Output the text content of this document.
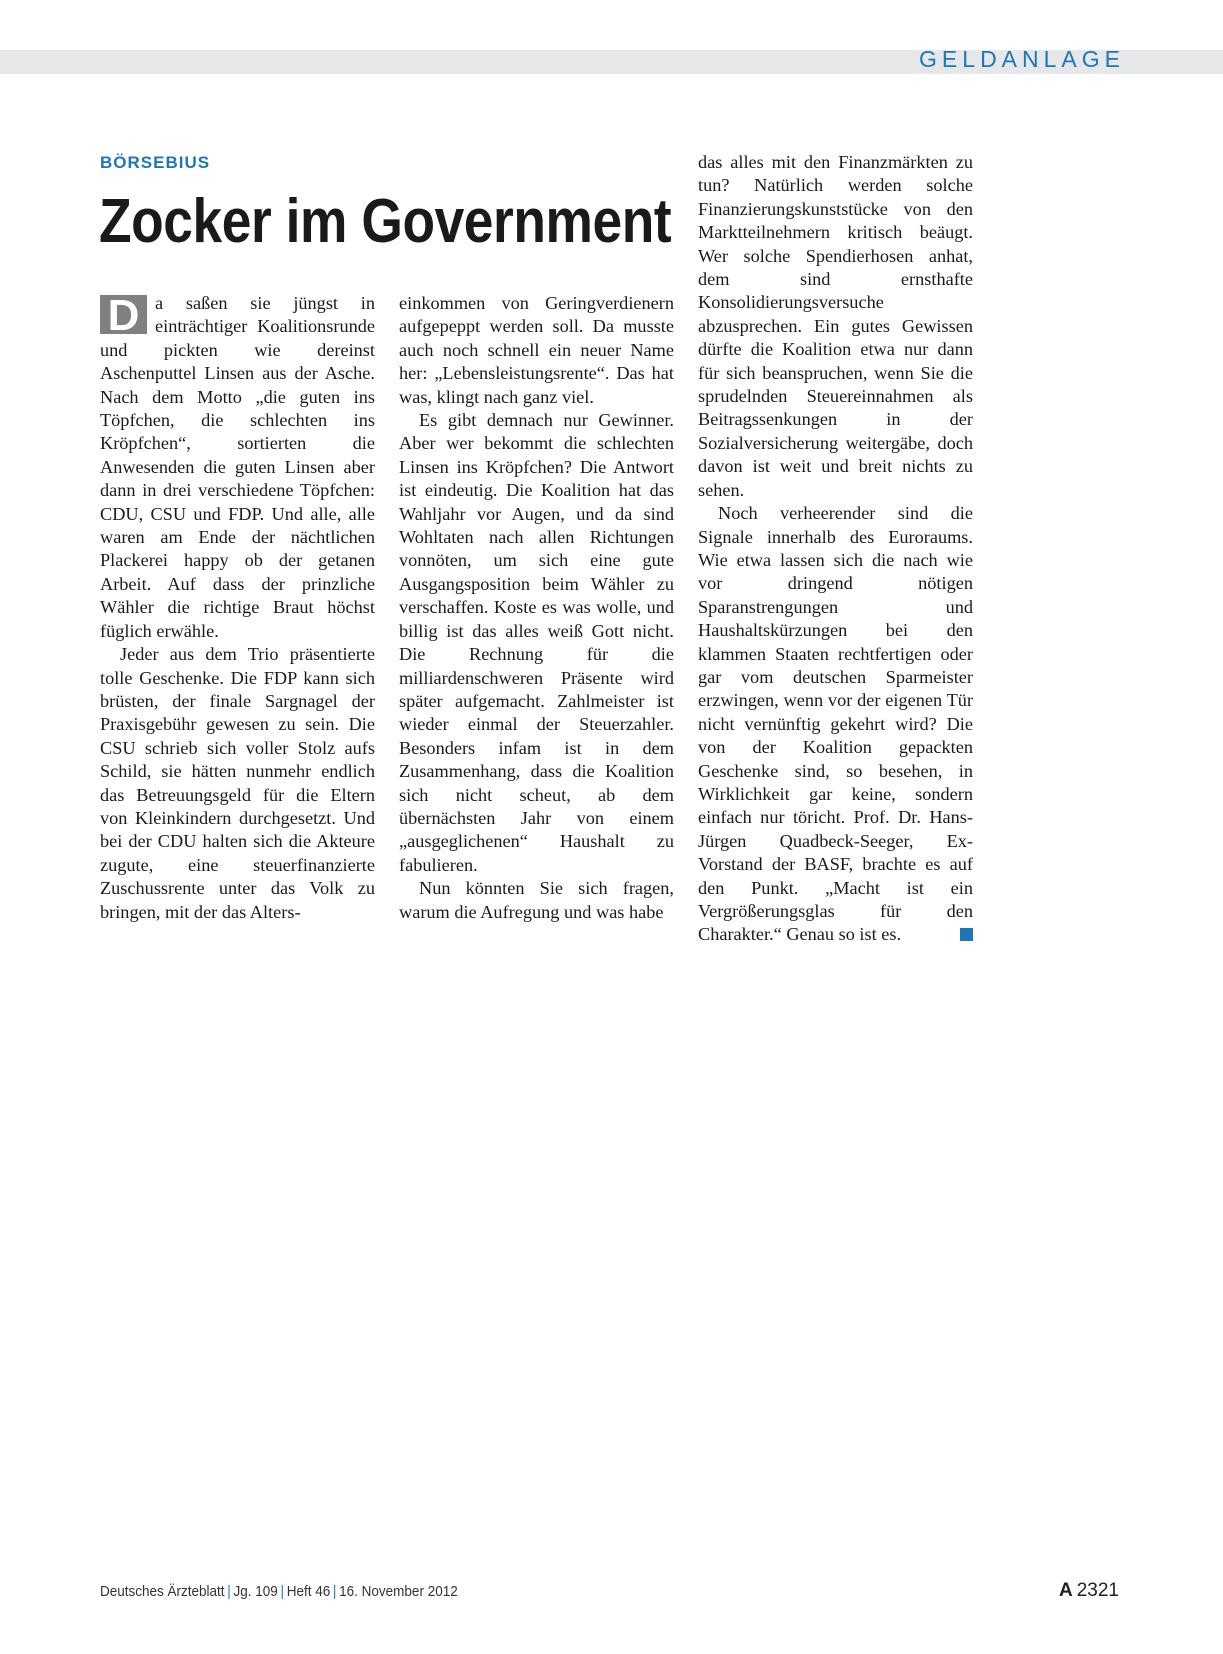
GELDANLAGE
BÖRSEBIUS
Zocker im Government

D a saßen sie jüngst in einträchtiger Koalitionsrunde und pickten wie dereinst Aschenputtel Linsen aus der Asche. Nach dem Motto „die guten ins Töpfchen, die schlechten ins Kröpfchen“, sortierten die Anwesenden die guten Linsen aber dann in drei verschiedene Töpfchen: CDU, CSU und FDP. Und alle, alle waren am Ende der nächtlichen Plackerei happy ob der getanen Arbeit. Auf dass der prinzliche Wähler die richtige Braut höchst füglich erwähle.

Jeder aus dem Trio präsentierte tolle Geschenke. Die FDP kann sich brüsten, der finale Sargnagel der Praxisgebühr gewesen zu sein. Die CSU schrieb sich voller Stolz aufs Schild, sie hätten nunmehr endlich das Betreuungsgeld für die Eltern von Kleinkindern durchgesetzt. Und bei der CDU halten sich die Akteure zugute, eine steuerfinanzierte Zuschussrente unter das Volk zu bringen, mit der das Alters-

einkommen von Geringverdienern aufgepeppt werden soll. Da musste auch noch schnell ein neuer Name her: „Lebensleistungsrente“. Das hat was, klingt nach ganz viel.

Es gibt demnach nur Gewinner. Aber wer bekommt die schlechten Linsen ins Kröpfchen? Die Antwort ist eindeutig. Die Koalition hat das Wahljahr vor Augen, und da sind Wohltaten nach allen Richtungen vonnöten, um sich eine gute Ausgangsposition beim Wähler zu verschaffen. Koste es was wolle, und billig ist das alles weiß Gott nicht. Die Rechnung für die milliardenschweren Präsente wird später aufgemacht. Zahlmeister ist wieder einmal der Steuerzahler. Besonders infam ist in dem Zusammenhang, dass die Koalition sich nicht scheut, ab dem übernächsten Jahr von einem „ausgeglichenen“ Haushalt zu fabulieren.

Nun könnten Sie sich fragen, warum die Aufregung und was habe

das alles mit den Finanzmärkten zu tun? Natürlich werden solche Finanzierungskunststücke von den Marktteilnehmern kritisch beäugt. Wer solche Spendierhosen anhat, dem sind ernsthafte Konsolidierungsversuche abzusprechen. Ein gutes Gewissen dürfte die Koalition etwa nur dann für sich beanspruchen, wenn Sie die sprudelnden Steuereinnahmen als Beitragssenkungen in der Sozialversicherung weitergäbe, doch davon ist weit und breit nichts zu sehen.

Noch verheerender sind die Signale innerhalb des Euroraums. Wie etwa lassen sich die nach wie vor dringend nötigen Sparanstrengungen und Haushaltskürzungen bei den klammen Staaten rechtfertigen oder gar vom deutschen Sparmeister erzwingen, wenn vor der eigenen Tür nicht vernünftig gekehrt wird? Die von der Koalition gepackten Geschenke sind, so besehen, in Wirklichkeit gar keine, sondern einfach nur töricht. Prof. Dr. Hans-Jürgen Quadbeck-Seeger, Ex-Vorstand der BASF, brachte es auf den Punkt. „Macht ist ein Vergrößerungsglas für den Charakter.“ Genau so ist es.

Deutsches Ärzteblatt | Jg. 109 | Heft 46 | 16. November 2012	A 2321
